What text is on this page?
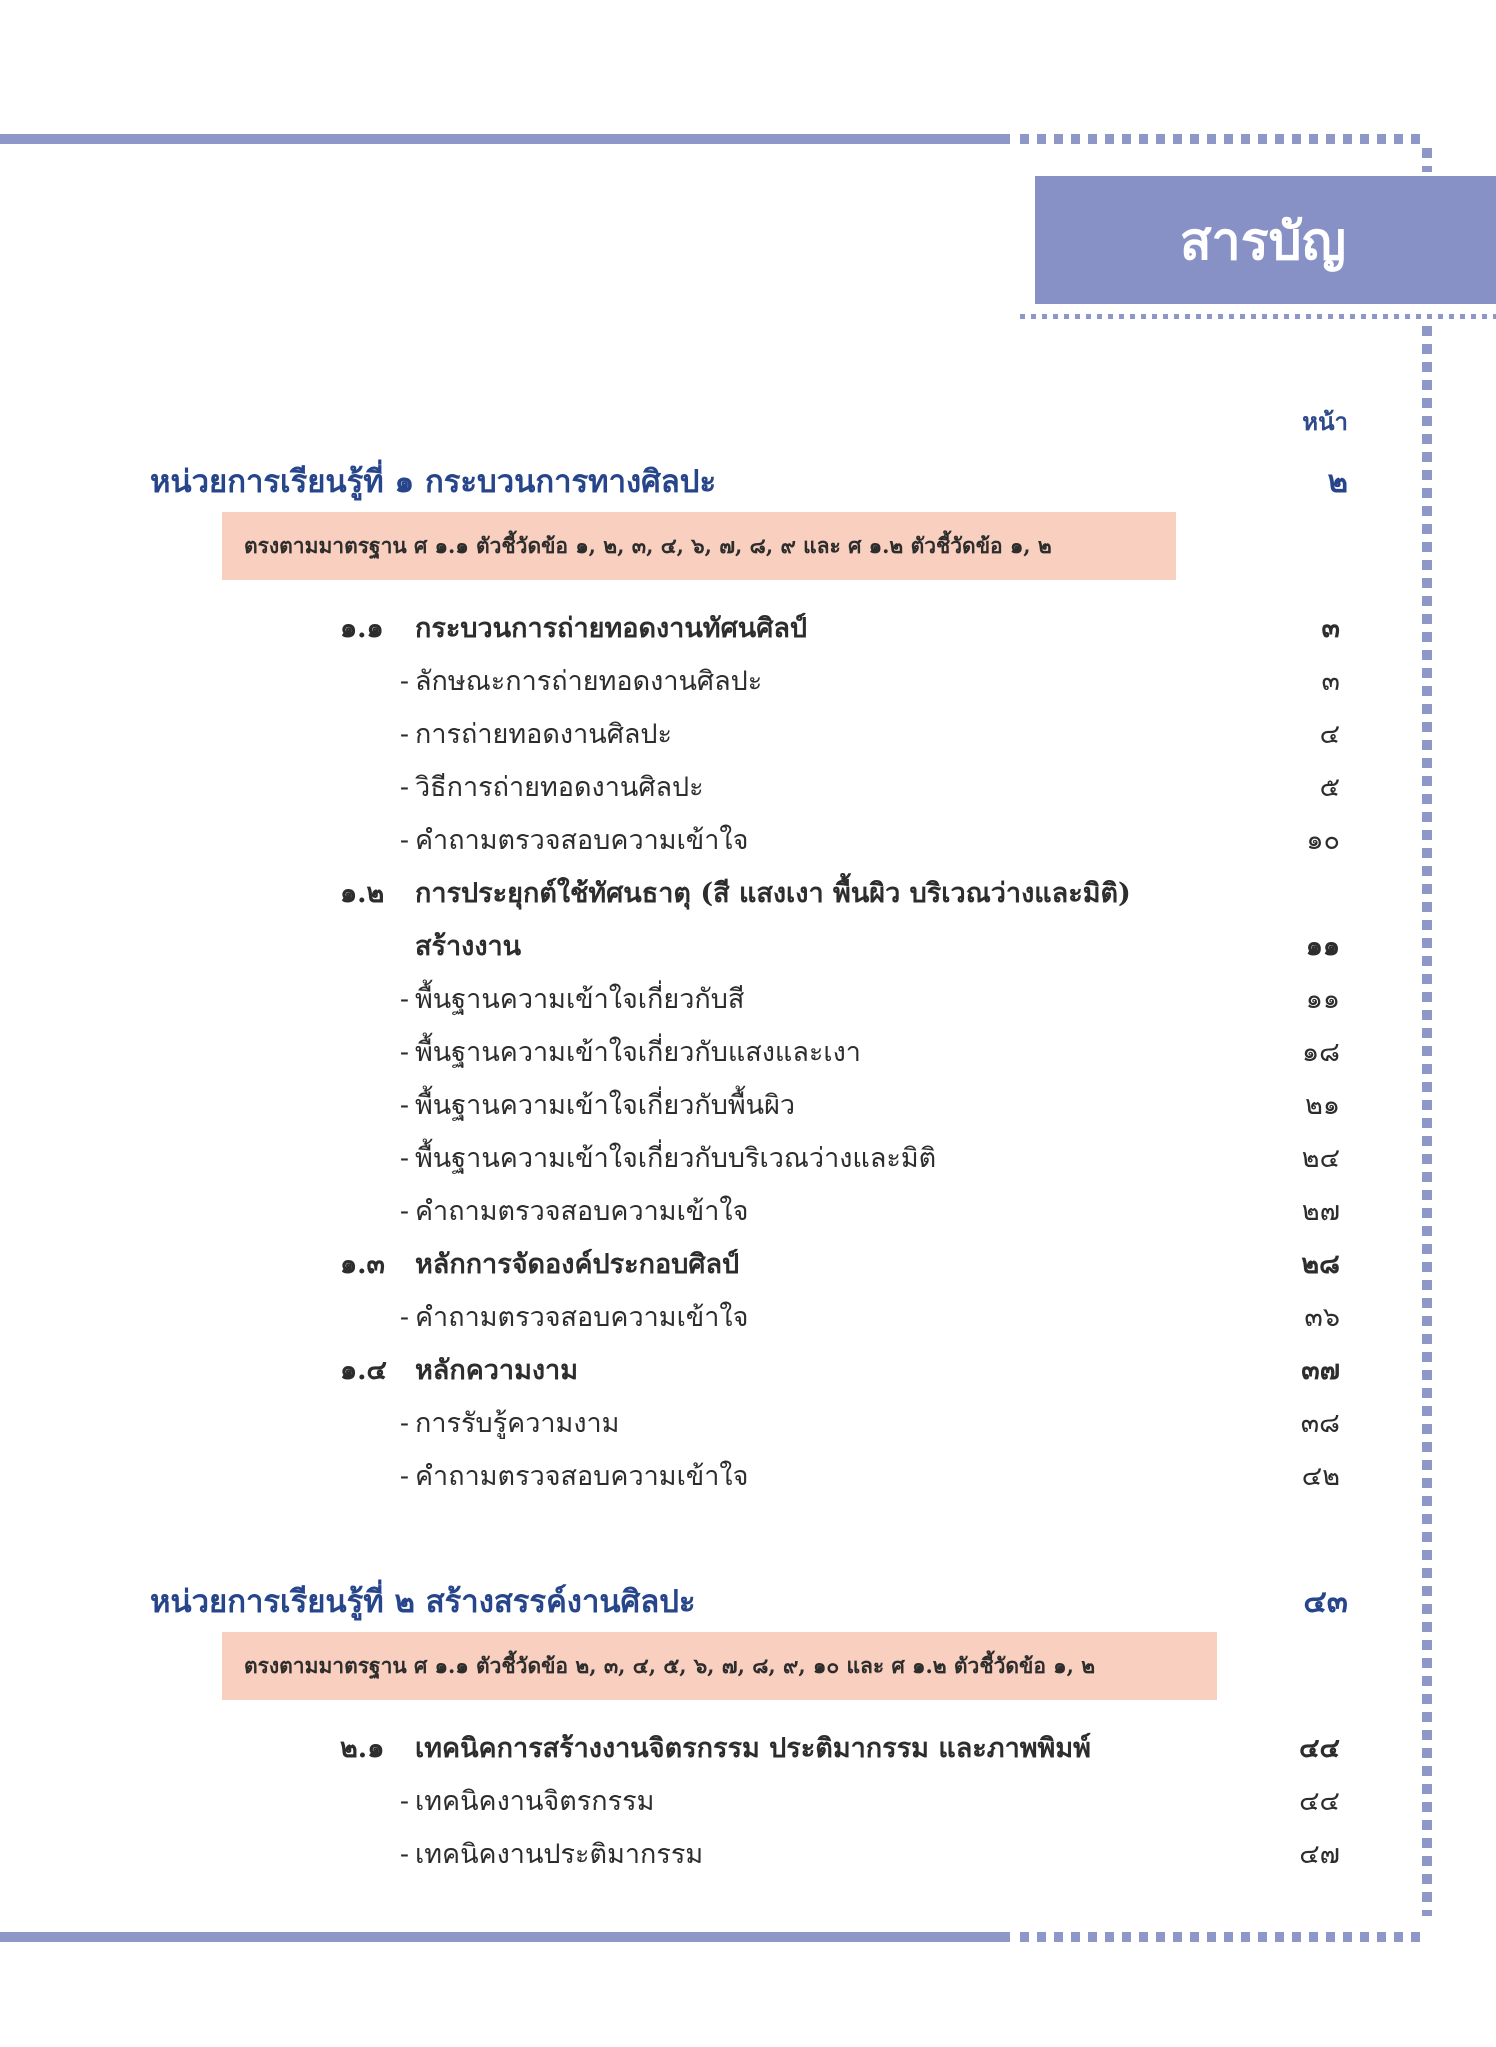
สารบัญ
หน้า
หน่วยการเรียนรู้ที่ ๑ กระบวนการทางศิลปะ	๒
ตรงตามมาตรฐาน ศ ๑.๑ ตัวชี้วัดข้อ ๑, ๒, ๓, ๔, ๖, ๗, ๘, ๙ และ ศ ๑.๒ ตัวชี้วัดข้อ ๑, ๒
๑.๑	กระบวนการถ่ายทอดงานทัศนศิลป์	๓
- ลักษณะการถ่ายทอดงานศิลปะ	๓
- การถ่ายทอดงานศิลปะ	๔
- วิธีการถ่ายทอดงานศิลปะ	๕
- คำถามตรวจสอบความเข้าใจ	๑๐
๑.๒	การประยุกต์ใช้ทัศนธาตุ (สี แสงเงา พื้นผิว บริเวณว่างและมิติ)
สร้างงาน	๑๑
- พื้นฐานความเข้าใจเกี่ยวกับสี	๑๑
- พื้นฐานความเข้าใจเกี่ยวกับแสงและเงา	๑๘
- พื้นฐานความเข้าใจเกี่ยวกับพื้นผิว	๒๑
- พื้นฐานความเข้าใจเกี่ยวกับบริเวณว่างและมิติ	๒๔
- คำถามตรวจสอบความเข้าใจ	๒๗
๑.๓	หลักการจัดองค์ประกอบศิลป์	๒๘
- คำถามตรวจสอบความเข้าใจ	๓๖
๑.๔	หลักความงาม	๓๗
- การรับรู้ความงาม	๓๘
- คำถามตรวจสอบความเข้าใจ	๔๒
หน่วยการเรียนรู้ที่ ๒ สร้างสรรค์งานศิลปะ	๔๓
ตรงตามมาตรฐาน ศ ๑.๑ ตัวชี้วัดข้อ ๒, ๓, ๔, ๕, ๖, ๗, ๘, ๙, ๑๐ และ ศ ๑.๒ ตัวชี้วัดข้อ ๑, ๒
๒.๑	เทคนิคการสร้างงานจิตรกรรม ประติมากรรม และภาพพิมพ์	๔๔
- เทคนิคงานจิตรกรรม	๔๔
- เทคนิคงานประติมากรรม	๔๗
